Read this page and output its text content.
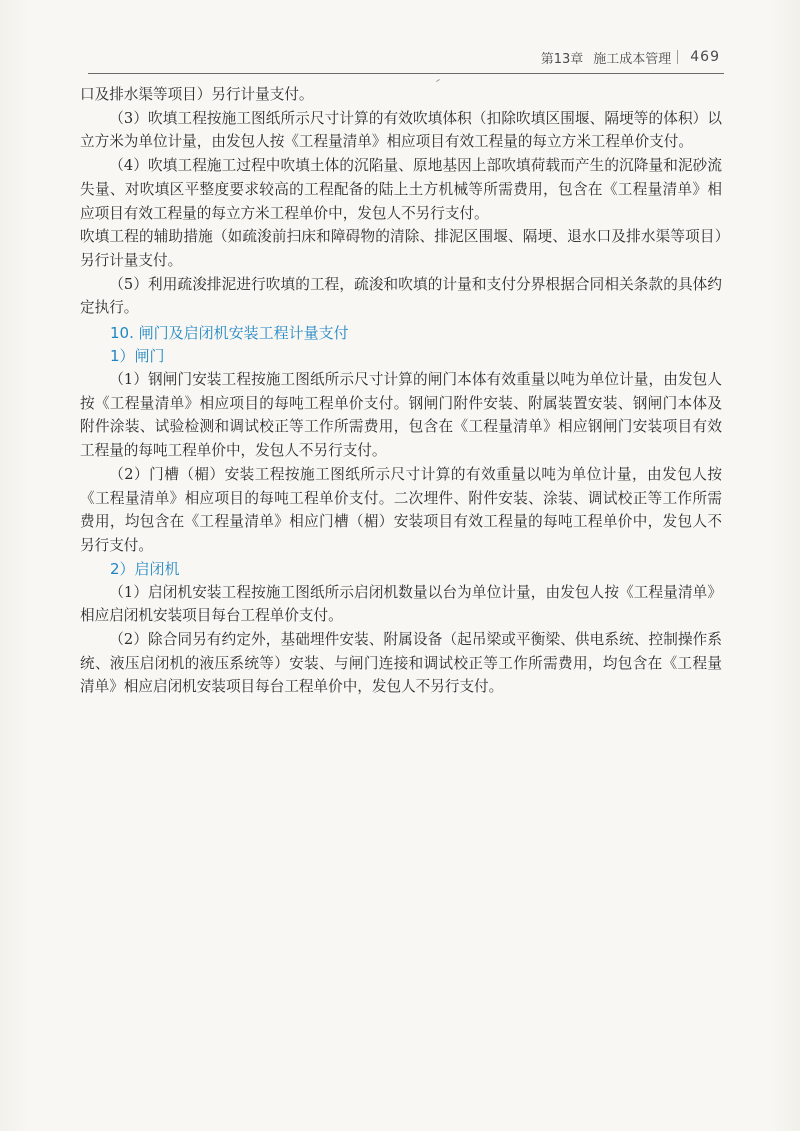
第13章 施工成本管理 469

口及排水渠等项目）另行计量支付。

（3）吹填工程按施工图纸所示尺寸计算的有效吹填体积（扣除吹填区围堰、隔埂等的体积）以立方米为单位计量，由发包人按《工程量清单》相应项目有效工程量的每立方米工程单价支付。

（4）吹填工程施工过程中吹填土体的沉陷量、原地基因上部吹填荷载而产生的沉降量和泥砂流失量、对吹填区平整度要求较高的工程配备的陆上土方机械等所需费用，包含在《工程量清单》相应项目有效工程量的每立方米工程单价中，发包人不另行支付。

吹填工程的辅助措施（如疏浚前扫床和障碍物的清除、排泥区围堰、隔埂、退水口及排水渠等项目）另行计量支付。

（5）利用疏浚排泥进行吹填的工程，疏浚和吹填的计量和支付分界根据合同相关条款的具体约定执行。

10. 闸门及启闭机安装工程计量支付
1）闸门

（1）钢闸门安装工程按施工图纸所示尺寸计算的闸门本体有效重量以吨为单位计量，由发包人按《工程量清单》相应项目的每吨工程单价支付。钢闸门附件安装、附属装置安装、钢闸门本体及附件涂装、试验检测和调试校正等工作所需费用，包含在《工程量清单》相应钢闸门安装项目有效工程量的每吨工程单价中，发包人不另行支付。

（2）门槽（楣）安装工程按施工图纸所示尺寸计算的有效重量以吨为单位计量，由发包人按《工程量清单》相应项目的每吨工程单价支付。二次埋件、附件安装、涂装、调试校正等工作所需费用，均包含在《工程量清单》相应门槽（楣）安装项目有效工程量的每吨工程单价中，发包人不另行支付。

2）启闭机

（1）启闭机安装工程按施工图纸所示启闭机数量以台为单位计量，由发包人按《工程量清单》相应启闭机安装项目每台工程单价支付。

（2）除合同另有约定外，基础埋件安装、附属设备（起吊梁或平衡梁、供电系统、控制操作系统、液压启闭机的液压系统等）安装、与闸门连接和调试校正等工作所需费用，均包含在《工程量清单》相应启闭机安装项目每台工程单价中，发包人不另行支付。
